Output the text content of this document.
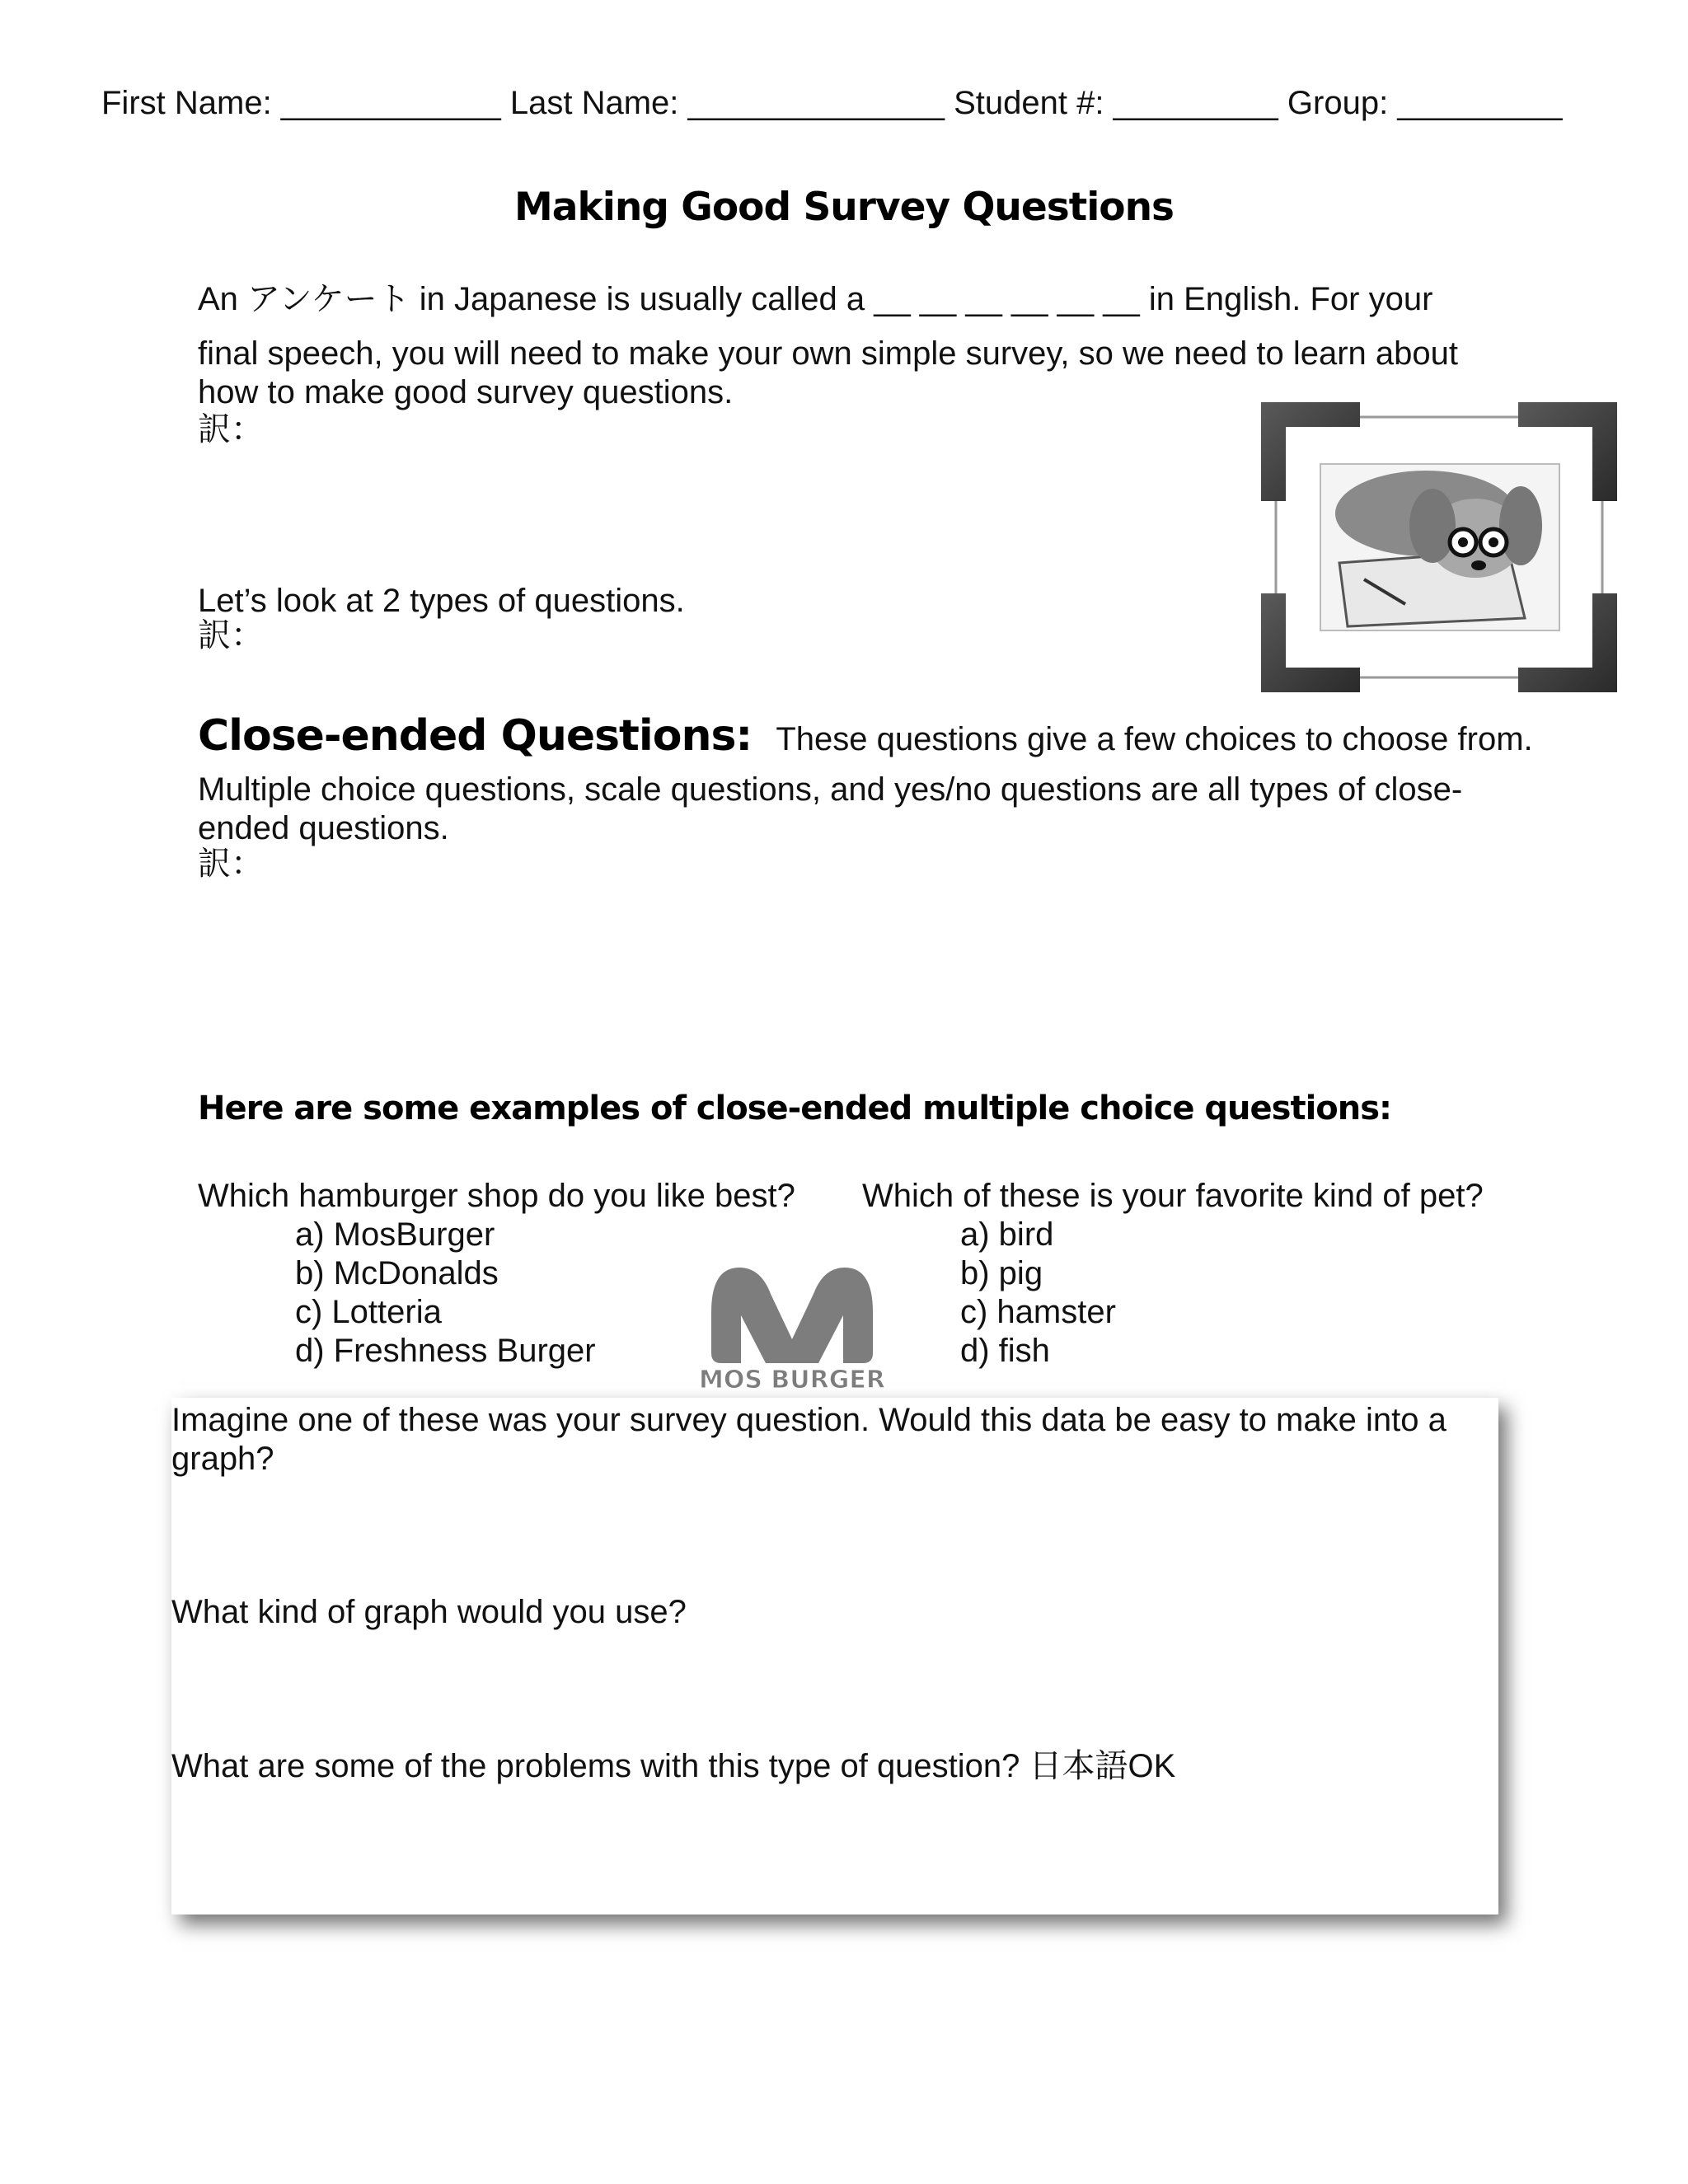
First Name: ____________ Last Name: ______________ Student #: _________ Group: _________
Making Good Survey Questions
An アンケート in Japanese is usually called a __ __ __ __ __ __ in English. For your
final speech, you will need to make your own simple survey, so we need to learn about
how to make good survey questions.
訳：
Let’s look at 2 types of questions.
訳：
Close-ended Questions: These questions give a few choices to choose from.
Multiple choice questions, scale questions, and yes/no questions are all types of close-
ended questions.
訳：
Here are some examples of close-ended multiple choice questions:
Which hamburger shop do you like best?
a) MosBurger
b) McDonalds
c) Lotteria
d) Freshness Burger
Which of these is your favorite kind of pet?
a) bird
b) pig
c) hamster
d) fish
MOS BURGER
Imagine one of these was your survey question. Would this data be easy to make into a
graph?
What kind of graph would you use?
What are some of the problems with this type of question? 日本語OK
